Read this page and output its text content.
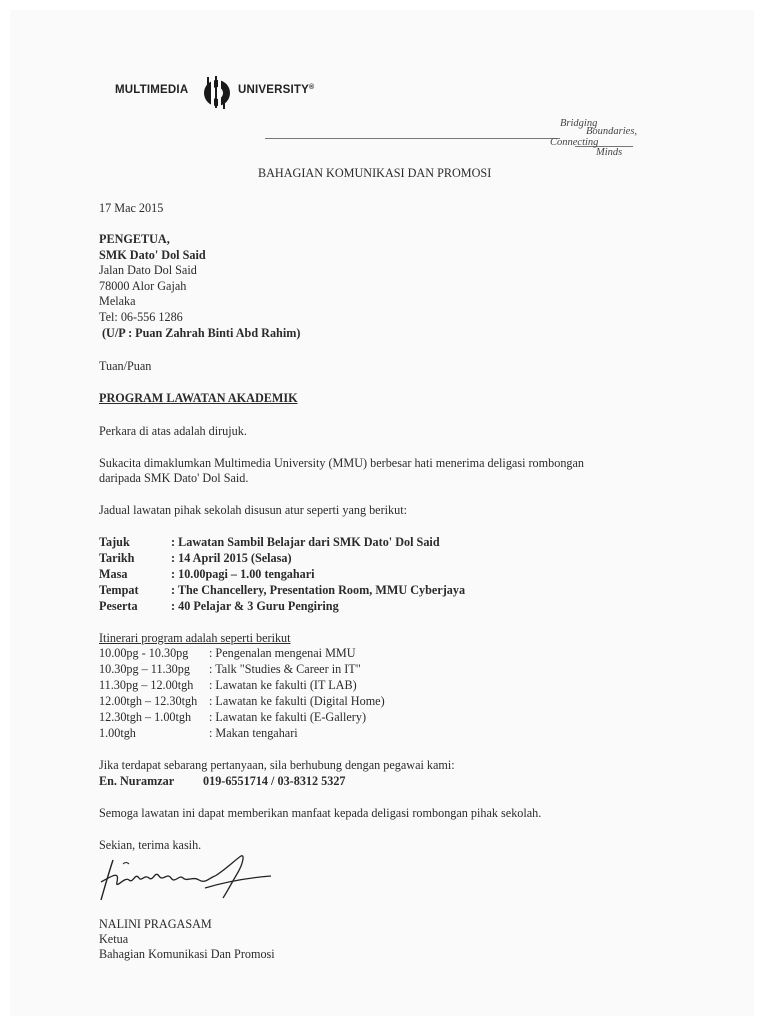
MULTIMEDIA	UNIVERSITY®
Bridging
Boundaries,
Connecting
Minds
BAHAGIAN KOMUNIKASI DAN PROMOSI
17 Mac 2015
PENGETUA,
SMK Dato' Dol Said
Jalan Dato Dol Said
78000 Alor Gajah
Melaka
Tel: 06-556 1286
(U/P : Puan Zahrah Binti Abd Rahim)
Tuan/Puan
PROGRAM LAWATAN AKADEMIK
Perkara di atas adalah dirujuk.
Sukacita dimaklumkan Multimedia University (MMU) berbesar hati menerima deligasi rombongan
daripada SMK Dato' Dol Said.
Jadual lawatan pihak sekolah disusun atur seperti yang berikut:
Tajuk	: Lawatan Sambil Belajar dari SMK Dato' Dol Said
Tarikh	: 14 April 2015 (Selasa)
Masa	: 10.00pagi – 1.00 tengahari
Tempat	: The Chancellery, Presentation Room, MMU Cyberjaya
Peserta	: 40 Pelajar & 3 Guru Pengiring
Itinerari program adalah seperti berikut
10.00pg - 10.30pg : Pengenalan mengenai MMU
10.30pg – 11.30pg : Talk "Studies & Career in IT"
11.30pg – 12.00tgh : Lawatan ke fakulti (IT LAB)
12.00tgh – 12.30tgh : Lawatan ke fakulti (Digital Home)
12.30tgh – 1.00tgh : Lawatan ke fakulti (E-Gallery)
1.00tgh	: Makan tengahari
Jika terdapat sebarang pertanyaan, sila berhubung dengan pegawai kami:
En. Nuramzar 019-6551714 / 03-8312 5327
Semoga lawatan ini dapat memberikan manfaat kepada deligasi rombongan pihak sekolah.
Sekian, terima kasih.
NALINI PRAGASAM
Ketua
Bahagian Komunikasi Dan Promosi
